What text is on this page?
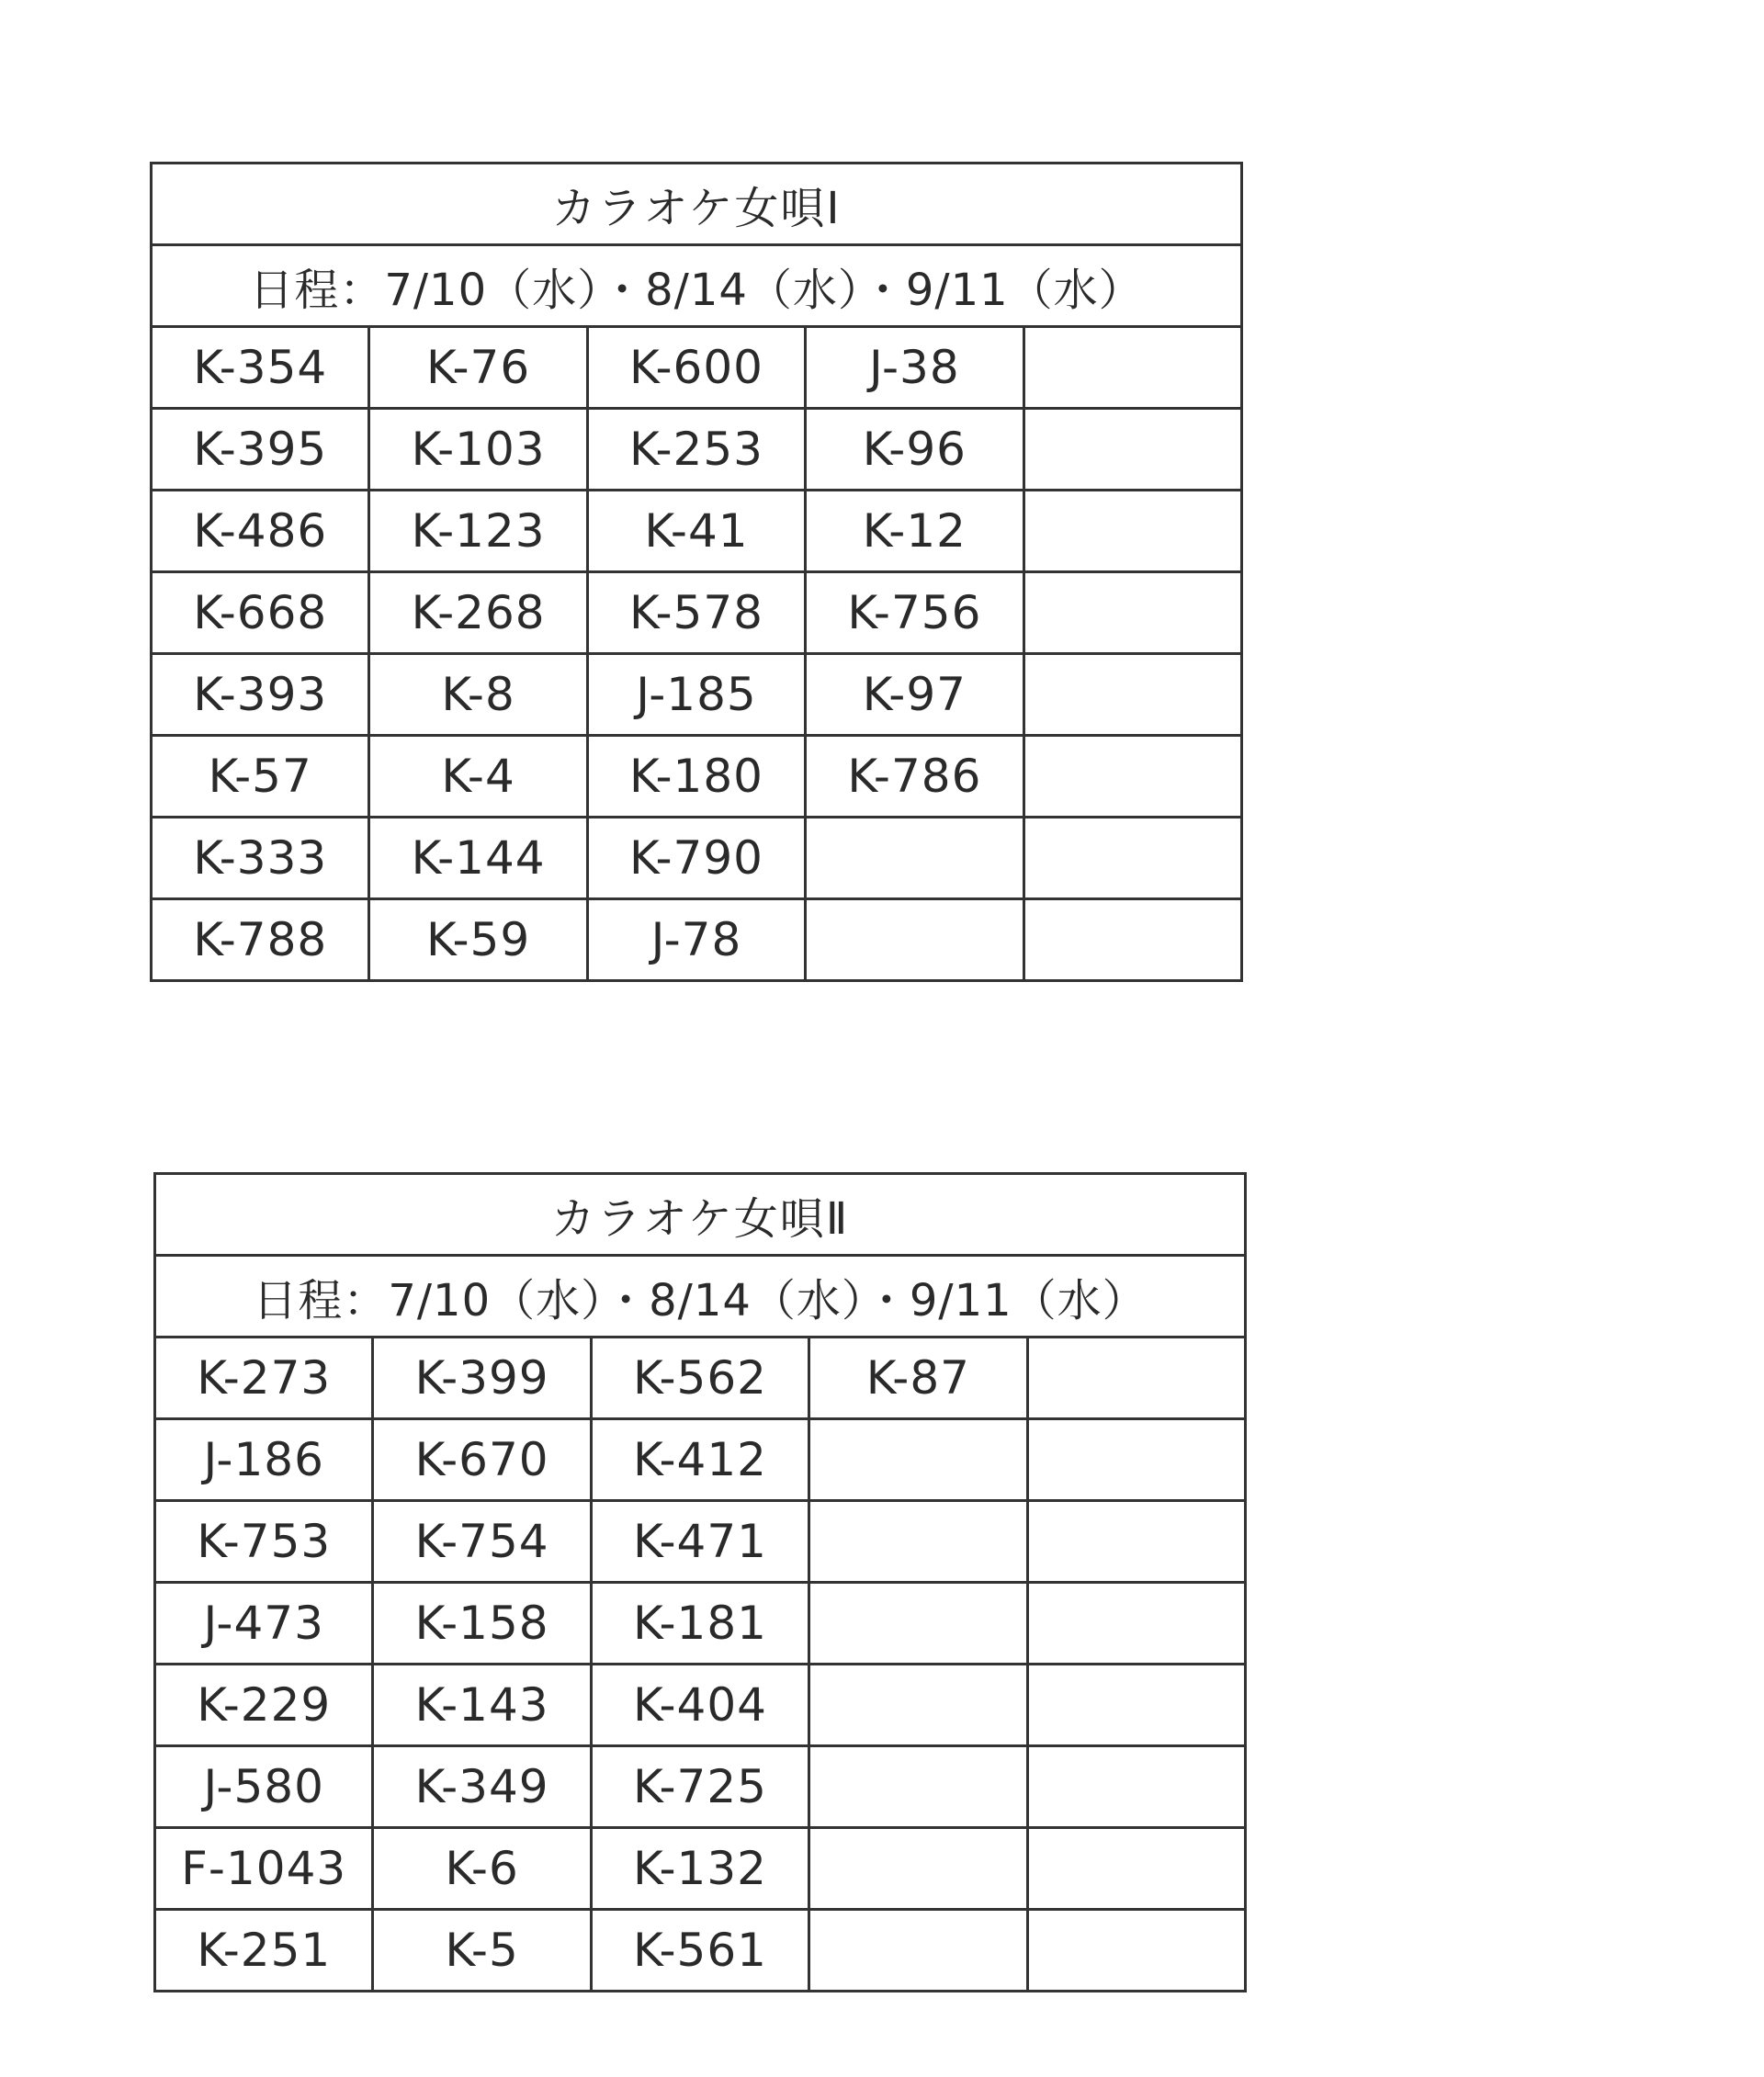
カラオケ女唄Ⅰ				
日程：7/10（水）・8/14（水）・9/11（水）				
K-354	K-76	K-600	J-38	
K-395	K-103	K-253	K-96	
K-486	K-123	K-41	K-12	
K-668	K-268	K-578	K-756	
K-393	K-8	J-185	K-97	
K-57	K-4	K-180	K-786	
K-333	K-144	K-790		
K-788	K-59	J-78		
カラオケ女唄Ⅱ				
日程：7/10（水）・8/14（水）・9/11（水）				
K-273	K-399	K-562	K-87	
J-186	K-670	K-412		
K-753	K-754	K-471		
J-473	K-158	K-181		
K-229	K-143	K-404		
J-580	K-349	K-725		
F-1043	K-6	K-132		
K-251	K-5	K-561		
